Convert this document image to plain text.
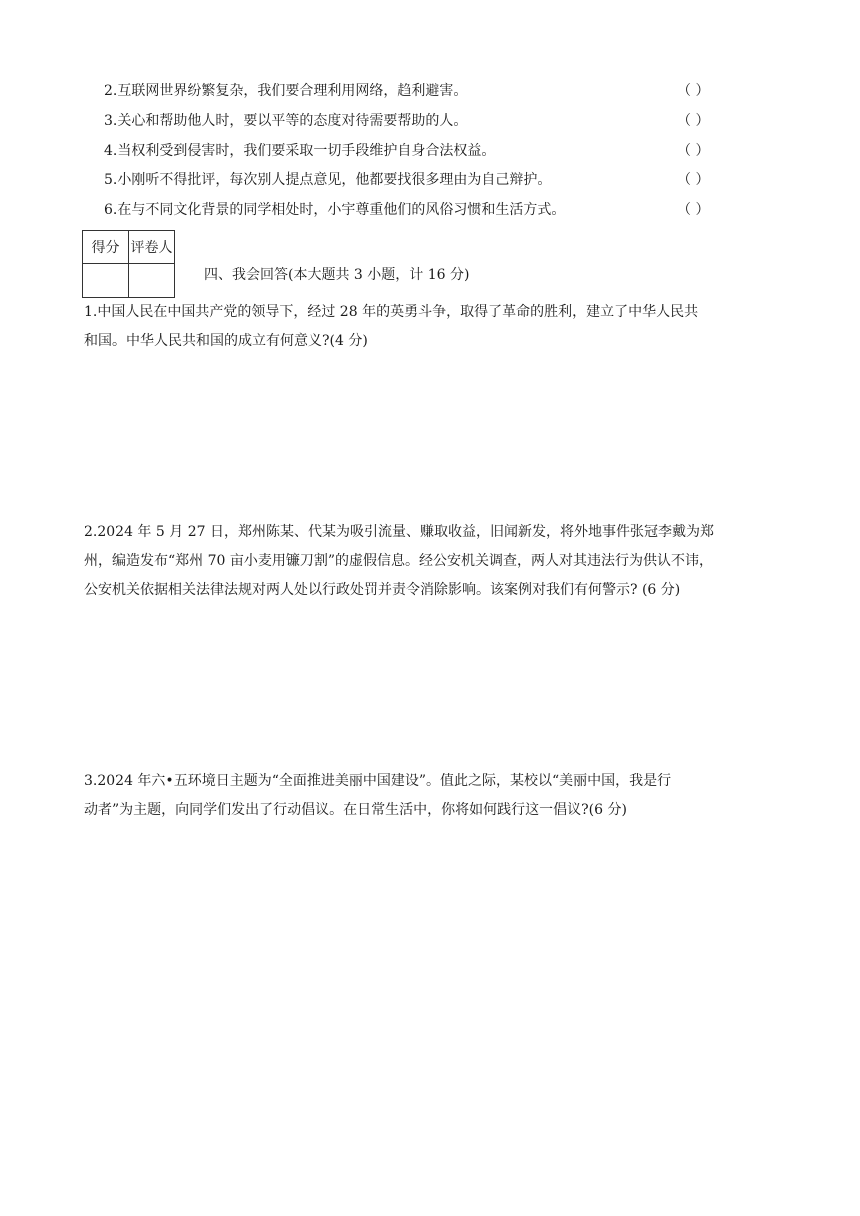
2.互联网世界纷繁复杂，我们要合理利用网络，趋利避害。	（ ）
3.关心和帮助他人时，要以平等的态度对待需要帮助的人。	（ ）
4.当权利受到侵害时，我们要采取一切手段维护自身合法权益。	（ ）
5.小刚听不得批评，每次别人提点意见，他都要找很多理由为自己辩护。	（ ）
6.在与不同文化背景的同学相处时，小宇尊重他们的风俗习惯和生活方式。	（ ）
得分	评卷人

四、我会回答(本大题共 3 小题，计 16 分)
1.中国人民在中国共产党的领导下，经过 28 年的英勇斗争，取得了革命的胜利，建立了中华人民共
和国。中华人民共和国的成立有何意义?(4 分)
2.2024 年 5 月 27 日，郑州陈某、代某为吸引流量、赚取收益，旧闻新发，将外地事件张冠李戴为郑
州，编造发布“郑州 70 亩小麦用镰刀割”的虚假信息。经公安机关调查，两人对其违法行为供认不讳，
公安机关依据相关法律法规对两人处以行政处罚并责令消除影响。该案例对我们有何警示? (6 分)
3.2024 年六•五环境日主题为“全面推进美丽中国建设”。值此之际，某校以“美丽中国，我是行
动者”为主题，向同学们发出了行动倡议。在日常生活中，你将如何践行这一倡议?(6 分)
